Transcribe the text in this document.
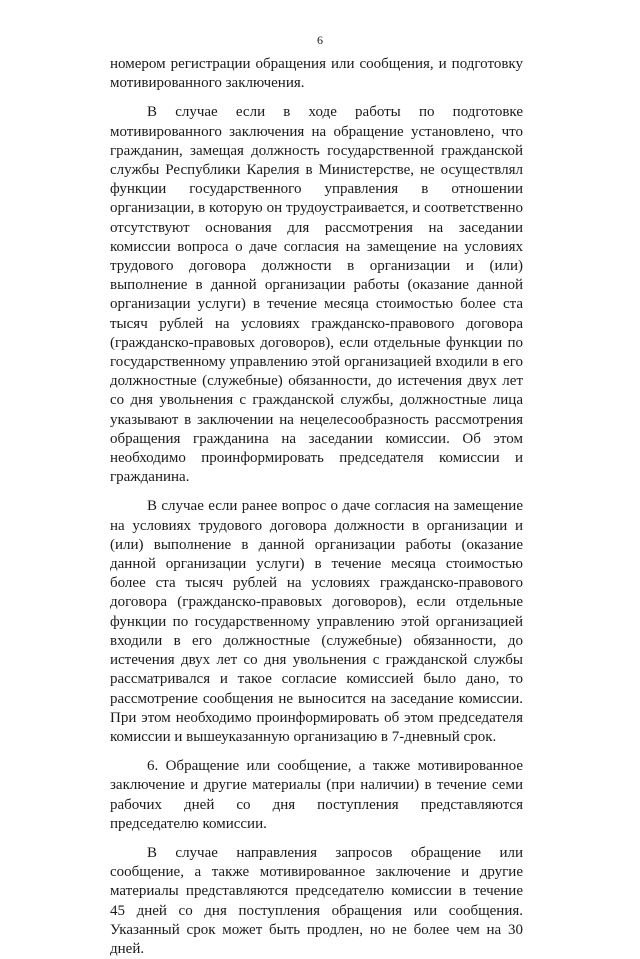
6

номером регистрации обращения или сообщения, и подготовку мотивированного заключения.

В случае если в ходе работы по подготовке мотивированного заключения на обращение установлено, что гражданин, замещая должность государственной гражданской службы Республики Карелия в Министерстве, не осуществлял функции государственного управления в отношении организации, в которую он трудоустраивается, и соответственно отсутствуют основания для рассмотрения на заседании комиссии вопроса о даче согласия на замещение на условиях трудового договора должности в организации и (или) выполнение в данной организации работы (оказание данной организации услуги) в течение месяца стоимостью более ста тысяч рублей на условиях гражданско-правового договора (гражданско-правовых договоров), если отдельные функции по государственному управлению этой организацией входили в его должностные (служебные) обязанности, до истечения двух лет со дня увольнения с гражданской службы, должностные лица указывают в заключении на нецелесообразность рассмотрения обращения гражданина на заседании комиссии. Об этом необходимо проинформировать председателя комиссии и гражданина.

В случае если ранее вопрос о даче согласия на замещение на условиях трудового договора должности в организации и (или) выполнение в данной организации работы (оказание данной организации услуги) в течение месяца стоимостью более ста тысяч рублей на условиях гражданско-правового договора (гражданско-правовых договоров), если отдельные функции по государственному управлению этой организацией входили в его должностные (служебные) обязанности, до истечения двух лет со дня увольнения с гражданской службы рассматривался и такое согласие комиссией было дано, то рассмотрение сообщения не выносится на заседание комиссии. При этом необходимо проинформировать об этом председателя комиссии и вышеуказанную организацию в 7-дневный срок.

6. Обращение или сообщение, а также мотивированное заключение и другие материалы (при наличии) в течение семи рабочих дней со дня поступления представляются председателю комиссии.

В случае направления запросов обращение или сообщение, а также мотивированное заключение и другие материалы представляются председателю комиссии в течение 45 дней со дня поступления обращения или сообщения. Указанный срок может быть продлен, но не более чем на 30 дней.
